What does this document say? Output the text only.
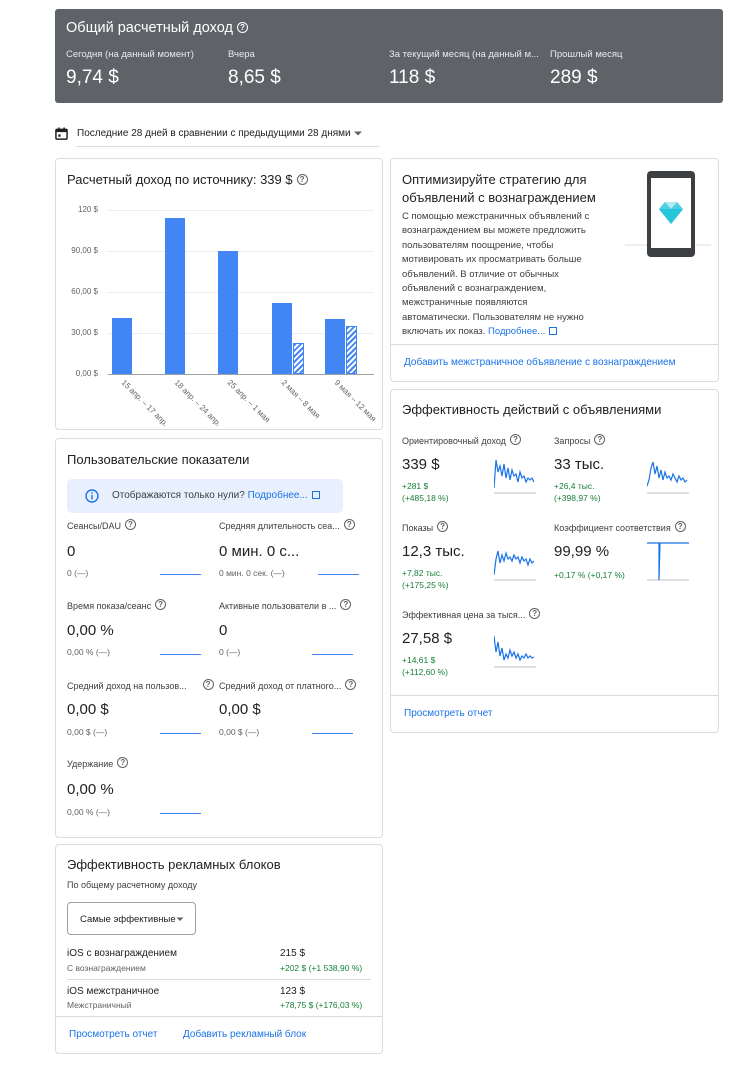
Общий расчетный доход ?
Сегодня (на данный момент)
9,74 $
Вчера
8,65 $
За текущий месяц (на данный м...
118 $
Прошлый месяц
289 $
Последние 28 дней в сравнении с предыдущими 28 днями
Расчетный доход по источнику: 339 $ ?
0,00 $
30,00 $
60,00 $
90,00 $
120 $
15 апр. – 17 апр. 18 апр. – 24 апр. 25 апр. – 1 мая 2 мая – 8 мая 9 мая – 12 мая
Пользовательские показатели
Отображаются только нули? Подробнее...
Сеансы/DAU ?
0
0 (—)
Средняя длительность сеа... ?
0 мин. 0 с...
0 мин. 0 сек. (—)
Время показа/сеанс ?
0,00 %
0,00 % (—)
Активные пользователи в ... ?
0
0 (—)
Средний доход на пользов... ?
0,00 $
0,00 $ (—)
Средний доход от платного... ?
0,00 $
0,00 $ (—)
Удержание ?
0,00 %
0,00 % (—)
Эффективность рекламных блоков
По общему расчетному доходу
Самые эффективные
iOS с вознаграждением
С вознаграждением
215 $
+202 $ (+1 538,90 %)
iOS межстраничное
Межстраничный
123 $
+78,75 $ (+176,03 %)
Просмотреть отчет	Добавить рекламный блок
Оптимизируйте стратегию для
объявлений с вознаграждением
С помощью межстраничных объявлений с
вознаграждением вы можете предложить
пользователям поощрение, чтобы
мотивировать их просматривать больше
объявлений. В отличие от обычных
объявлений с вознаграждением,
межстраничные появляются
автоматически. Пользователям не нужно
включать их показ. Подробнее...
Добавить межстраничное объявление с вознаграждением
Эффективность действий с объявлениями
Ориентировочный доход ?
339 $
+281 $
(+485,18 %)
Запросы ?
33 тыс.
+26,4 тыс.
(+398,97 %)
Показы ?
12,3 тыс.
+7,82 тыс.
(+175,25 %)
Коэффициент соответствия ?
99,99 %
+0,17 % (+0,17 %)
Эффективная цена за тыся... ?
27,58 $
+14,61 $
(+112,60 %)
Просмотреть отчет
